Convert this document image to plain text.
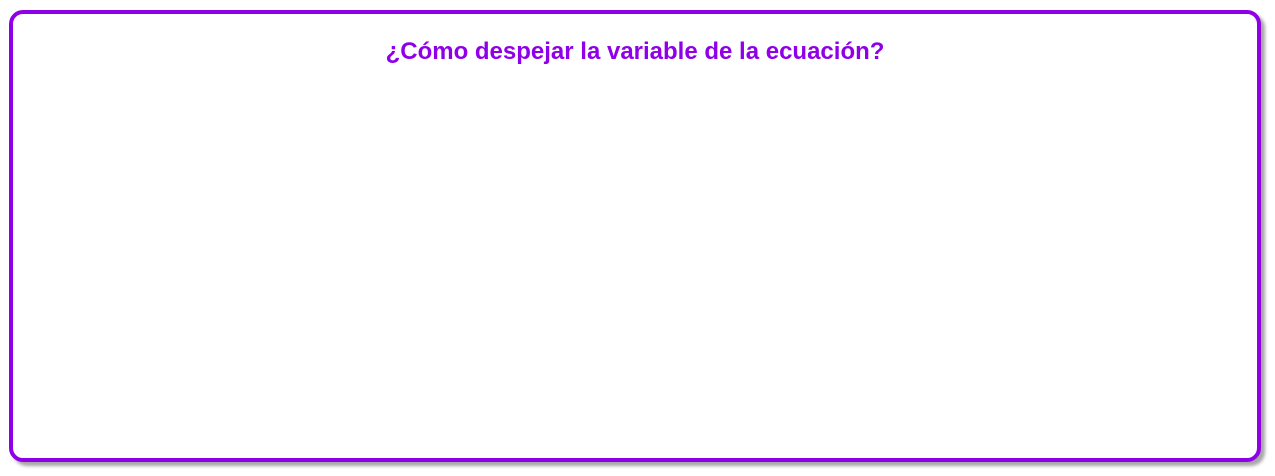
¿Cómo despejar la variable de la ecuación?
